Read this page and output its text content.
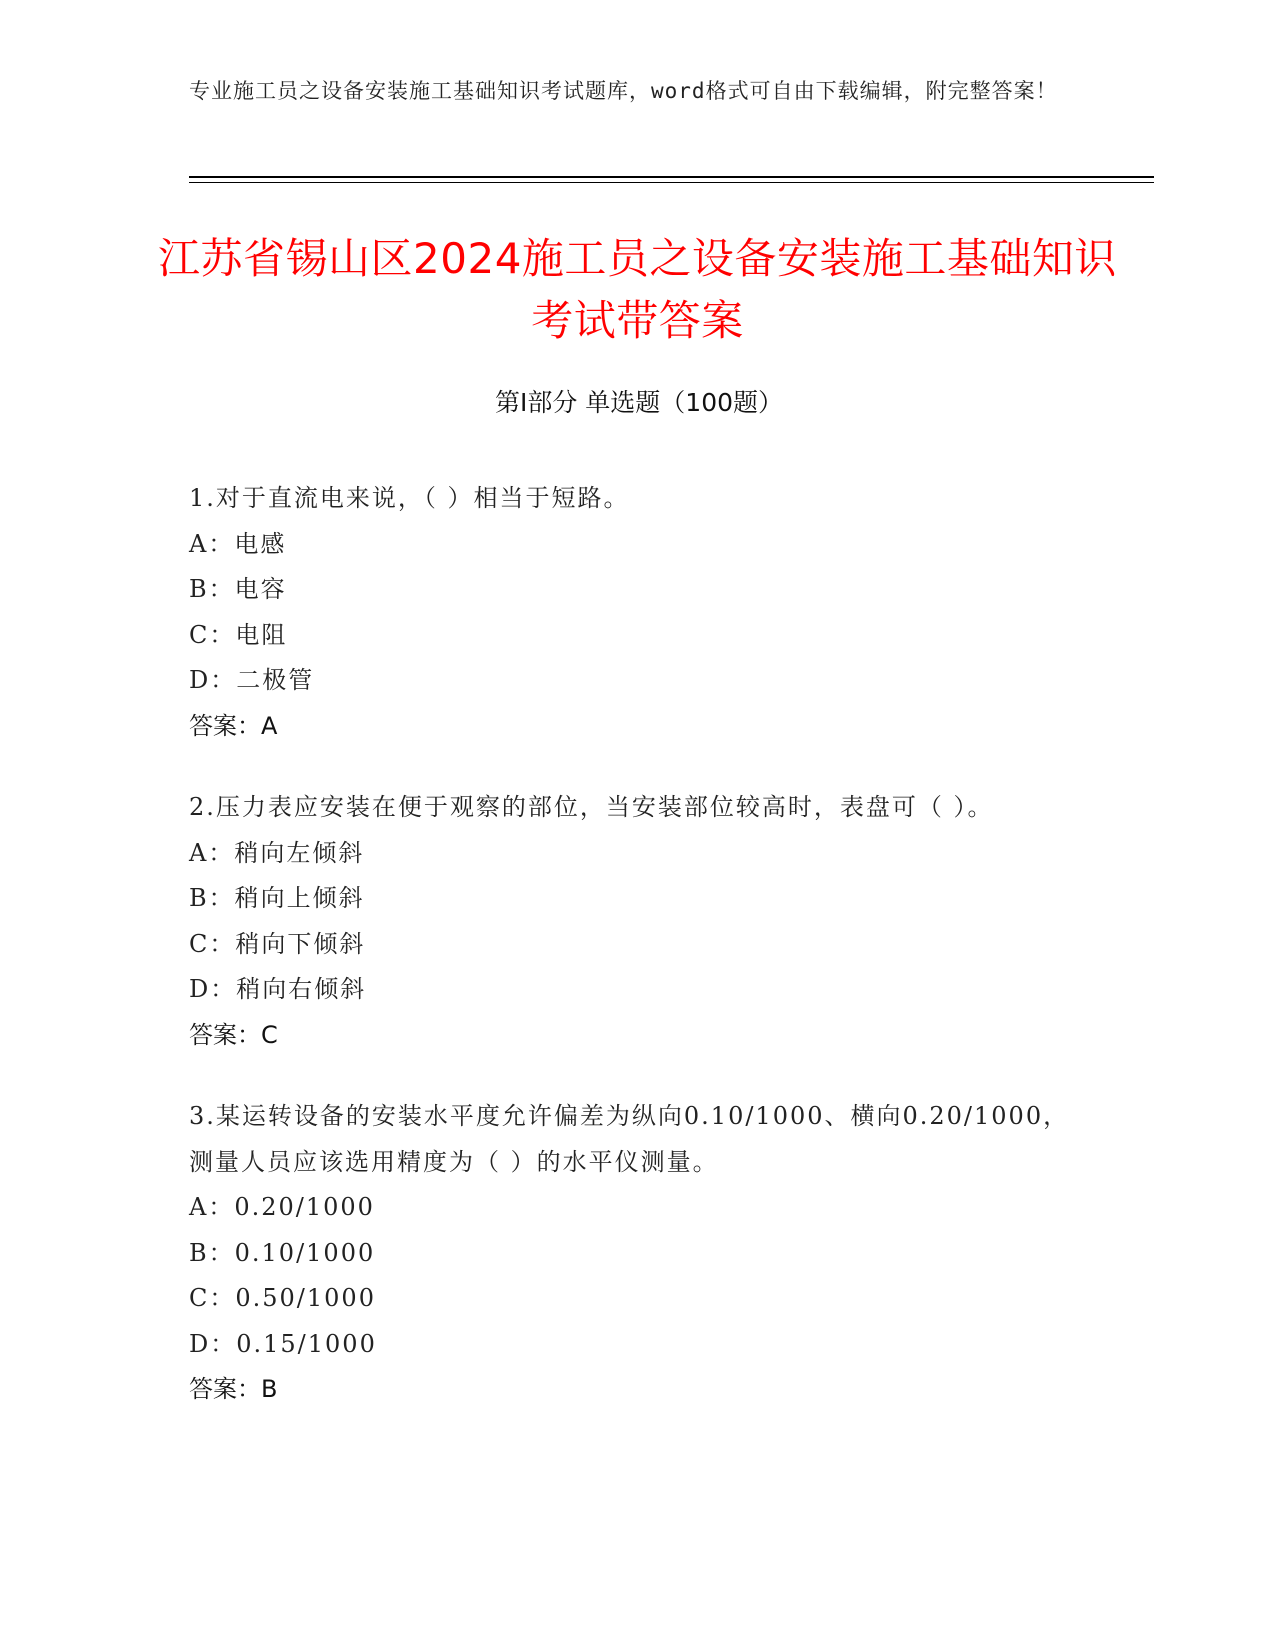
专业施工员之设备安装施工基础知识考试题库，word格式可自由下载编辑，附完整答案！
江苏省锡山区2024施工员之设备安装施工基础知识考试带答案
第Ⅰ部分 单选题（100题）
1.对于直流电来说，（ ）相当于短路。
A：电感
B：电容
C：电阻
D：二极管
答案：A
2.压力表应安装在便于观察的部位，当安装部位较高时，表盘可（ ）。
A：稍向左倾斜
B：稍向上倾斜
C：稍向下倾斜
D：稍向右倾斜
答案：C
3.某运转设备的安装水平度允许偏差为纵向0.10/1000、横向0.20/1000，测量人员应该选用精度为（ ）的水平仪测量。
A：0.20/1000
B：0.10/1000
C：0.50/1000
D：0.15/1000
答案：B
